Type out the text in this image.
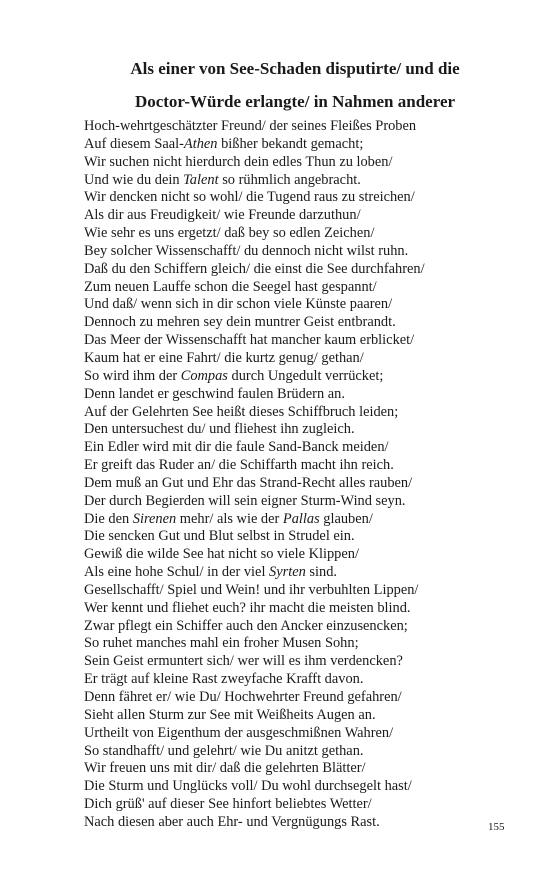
Als einer von See-Schaden disputirte/ und die
Doctor-Würde erlangte/ in Nahmen anderer
Hoch-wehrtgeschätzter Freund/ der seines Fleißes Proben
Auf diesem Saal-Athen bißher bekandt gemacht;
Wir suchen nicht hierdurch dein edles Thun zu loben/
Und wie du dein Talent so rühmlich angebracht.
Wir dencken nicht so wohl/ die Tugend raus zu streichen/
Als dir aus Freudigkeit/ wie Freunde darzuthun/
Wie sehr es uns ergetzt/ daß bey so edlen Zeichen/
Bey solcher Wissenschafft/ du dennoch nicht wilst ruhn.
Daß du den Schiffern gleich/ die einst die See durchfahren/
Zum neuen Lauffe schon die Seegel hast gespannt/
Und daß/ wenn sich in dir schon viele Künste paaren/
Dennoch zu mehren sey dein muntrer Geist entbrandt.
Das Meer der Wissenschafft hat mancher kaum erblicket/
Kaum hat er eine Fahrt/ die kurtz genug/ gethan/
So wird ihm der Compas durch Ungedult verrücket;
Denn landet er geschwind faulen Brüdern an.
Auf der Gelehrten See heißt dieses Schiffbruch leiden;
Den untersuchest du/ und fliehest ihn zugleich.
Ein Edler wird mit dir die faule Sand-Banck meiden/
Er greift das Ruder an/ die Schiffarth macht ihn reich.
Dem muß an Gut und Ehr das Strand-Recht alles rauben/
Der durch Begierden will sein eigner Sturm-Wind seyn.
Die den Sirenen mehr/ als wie der Pallas glauben/
Die sencken Gut und Blut selbst in Strudel ein.
Gewiß die wilde See hat nicht so viele Klippen/
Als eine hohe Schul/ in der viel Syrten sind.
Gesellschafft/ Spiel und Wein! und ihr verbuhlten Lippen/
Wer kennt und fliehet euch? ihr macht die meisten blind.
Zwar pflegt ein Schiffer auch den Ancker einzusencken;
So ruhet manches mahl ein froher Musen Sohn;
Sein Geist ermuntert sich/ wer will es ihm verdencken?
Er trägt auf kleine Rast zweyfache Krafft davon.
Denn fähret er/ wie Du/ Hochwehrter Freund gefahren/
Sieht allen Sturm zur See mit Weißheits Augen an.
Urtheilt von Eigenthum der ausgeschmißnen Wahren/
So standhafft/ und gelehrt/ wie Du anitzt gethan.
Wir freuen uns mit dir/ daß die gelehrten Blätter/
Die Sturm und Unglücks voll/ Du wohl durchsegelt hast/
Dich grüß' auf dieser See hinfort beliebtes Wetter/
Nach diesen aber auch Ehr- und Vergnügungs Rast.	155
